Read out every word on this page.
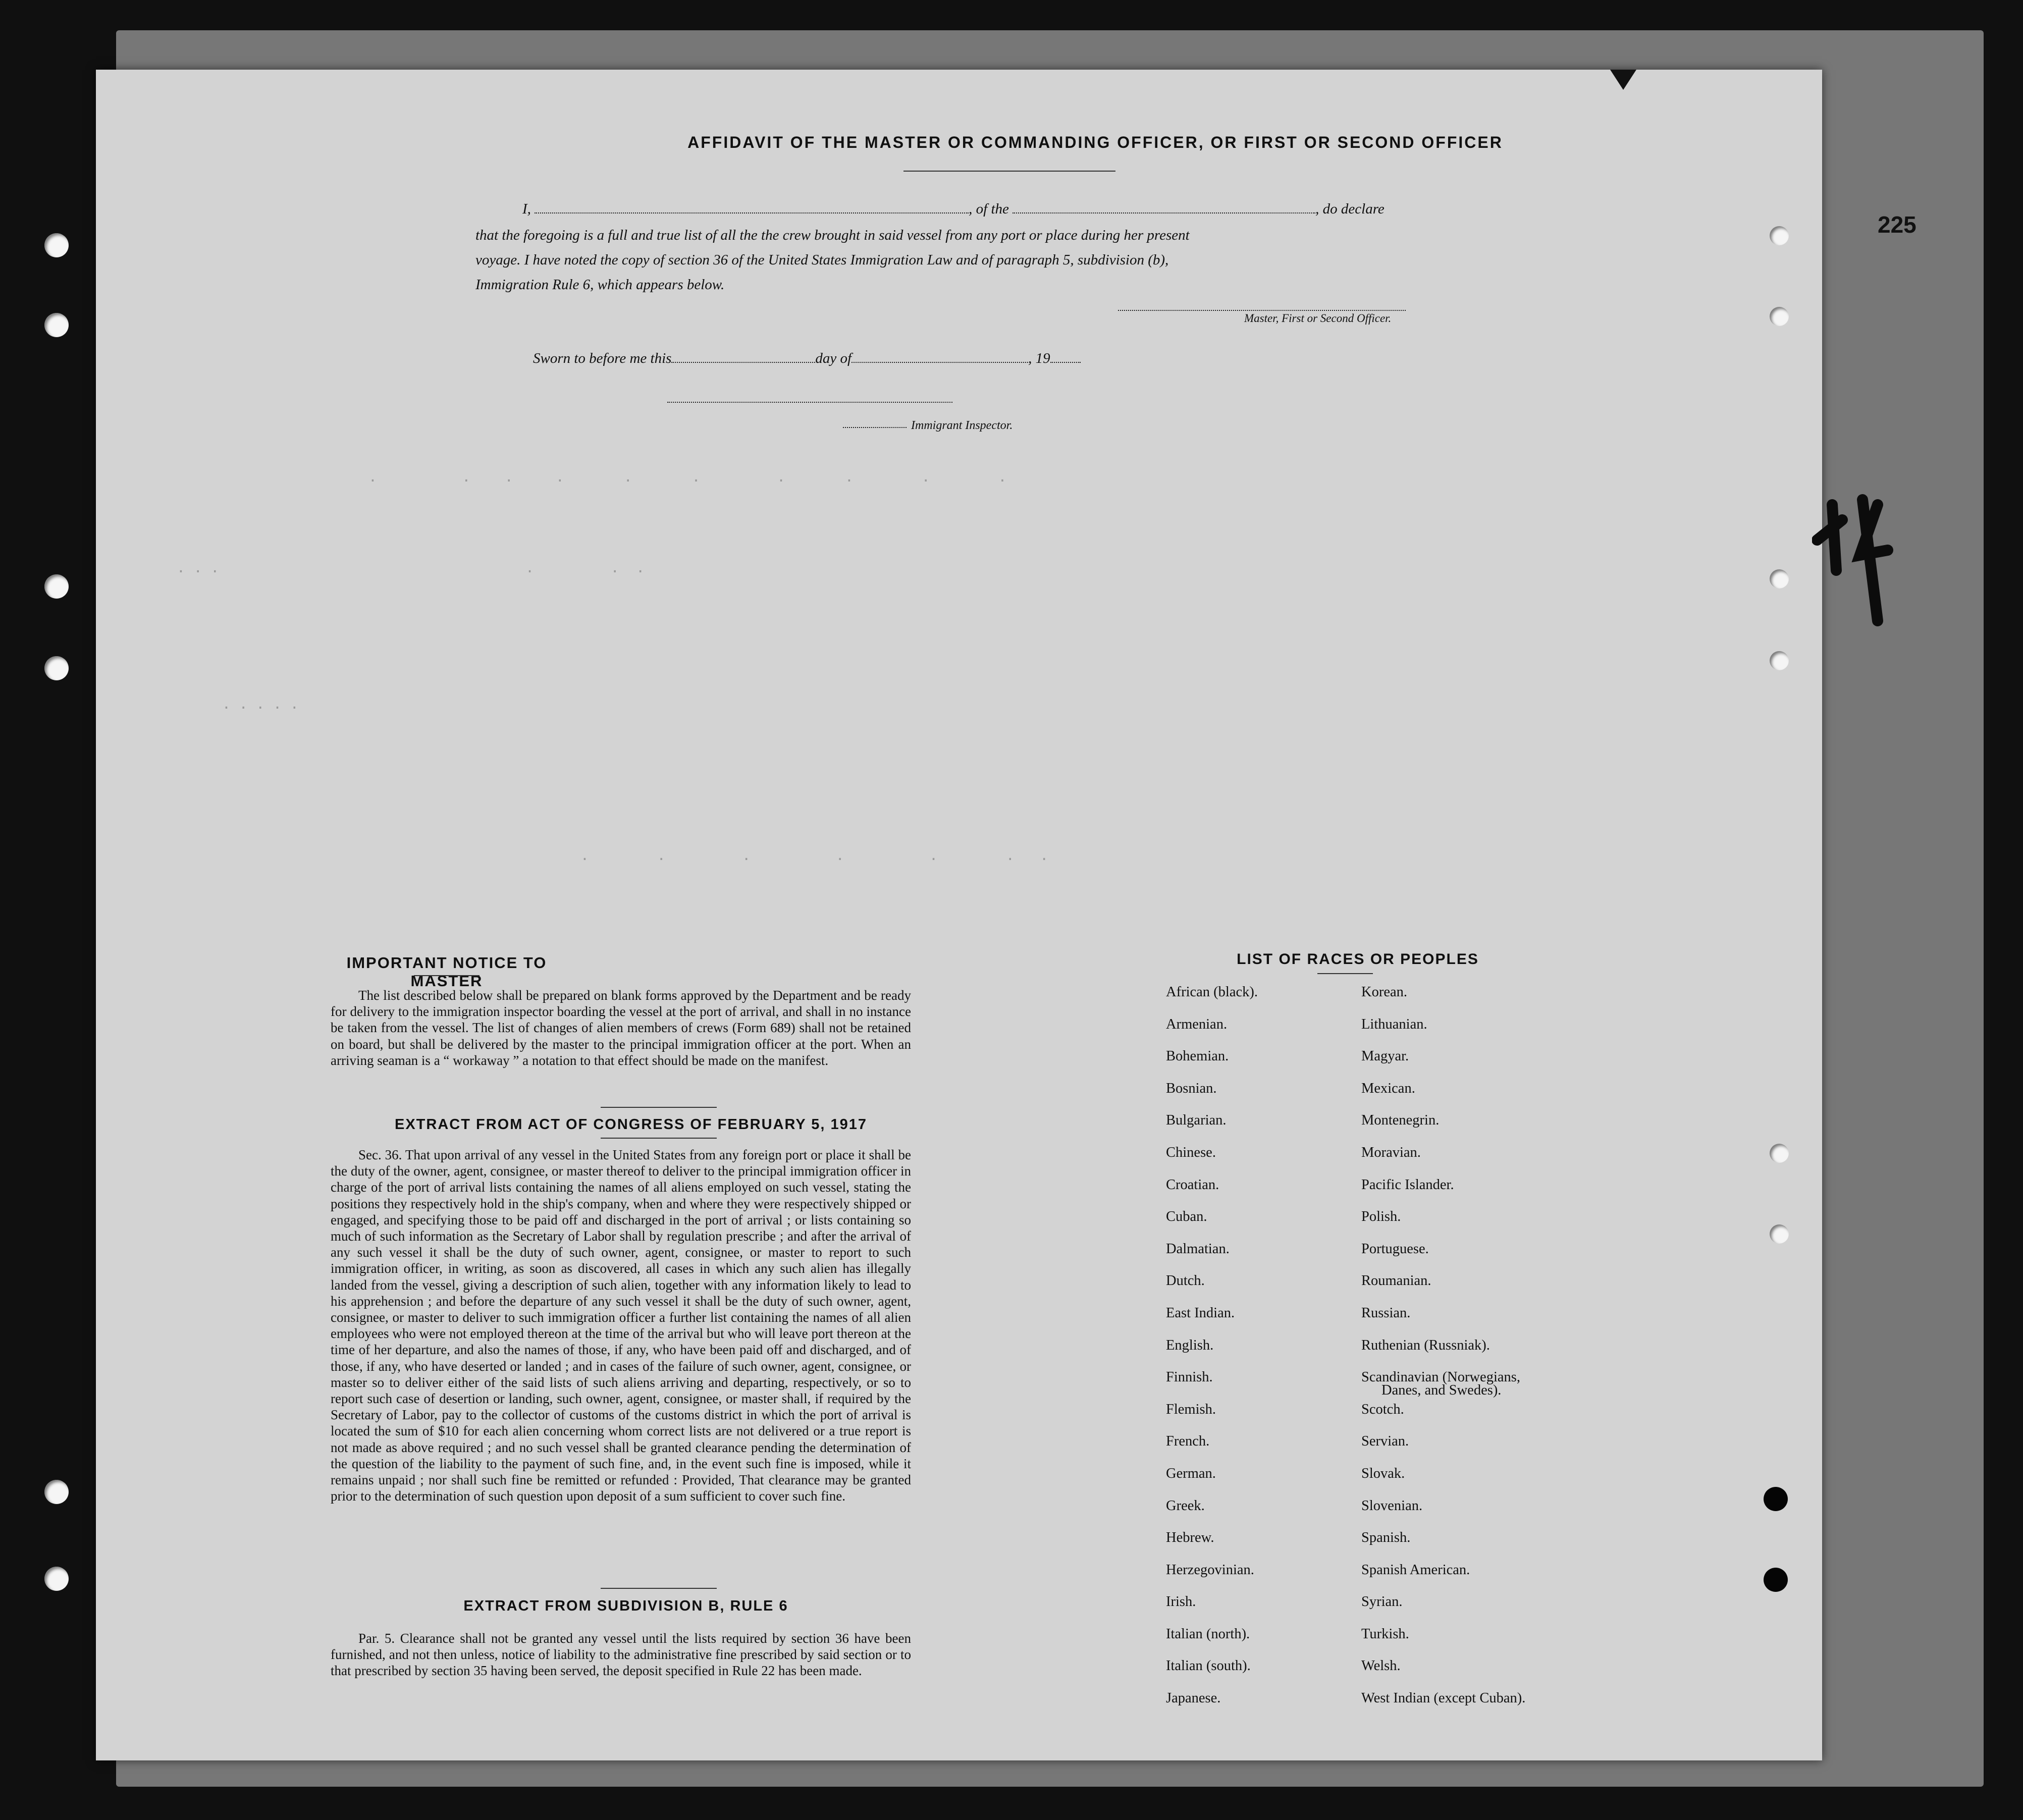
AFFIDAVIT OF THE MASTER OR COMMANDING OFFICER, OR FIRST OR SECOND OFFICER
I,	, of the	, do declare
that the foregoing is a full and true list of all the the crew brought in said vessel from any port or place during her present
voyage. I have noted the copy of section 36 of the United States Immigration Law and of paragraph 5, subdivision (b),
Immigration Rule 6, which appears below.
Master, First or Second Officer.
Sworn to before me this	day of	, 19
Immigrant Inspector.
.          .    .     .       .       .         .       .        .        .
. . .                                    .         .  .
. . . . .
.        .         .          .          .        .   .
IMPORTANT NOTICE TO MASTER

The list described below shall be prepared on blank forms approved by the Department and be ready for delivery to the immigration inspector boarding the vessel at the port of arrival, and shall in no instance be taken from the vessel. The list of changes of alien members of crews (Form 689) shall not be retained on board, but shall be delivered by the master to the principal immigration officer at the port. When an arriving seaman is a “ workaway ” a notation to that effect should be made on the manifest.

EXTRACT FROM ACT OF CONGRESS OF FEBRUARY 5, 1917

Sec. 36. That upon arrival of any vessel in the United States from any foreign port or place it shall be the duty of the owner, agent, consignee, or master thereof to deliver to the principal immigration officer in charge of the port of arrival lists containing the names of all aliens employed on such vessel, stating the positions they respectively hold in the ship's company, when and where they were respectively shipped or engaged, and specifying those to be paid off and discharged in the port of arrival ; or lists containing so much of such information as the Secretary of Labor shall by regulation prescribe ; and after the arrival of any such vessel it shall be the duty of such owner, agent, consignee, or master to report to such immigration officer, in writing, as soon as discovered, all cases in which any such alien has illegally landed from the vessel, giving a description of such alien, together with any information likely to lead to his apprehension ; and before the departure of any such vessel it shall be the duty of such owner, agent, consignee, or master to deliver to such immigration officer a further list containing the names of all alien employees who were not employed thereon at the time of the arrival but who will leave port thereon at the time of her departure, and also the names of those, if any, who have been paid off and discharged, and of those, if any, who have deserted or landed ; and in cases of the failure of such owner, agent, consignee, or master so to deliver either of the said lists of such aliens arriving and departing, respectively, or so to report such case of desertion or landing, such owner, agent, consignee, or master shall, if required by the Secretary of Labor, pay to the collector of customs of the customs district in which the port of arrival is located the sum of $10 for each alien concerning whom correct lists are not delivered or a true report is not made as above required ; and no such vessel shall be granted clearance pending the determination of the question of the liability to the payment of such fine, and, in the event such fine is imposed, while it remains unpaid ; nor shall such fine be remitted or refunded : Provided, That clearance may be granted prior to the determination of such question upon deposit of a sum sufficient to cover such fine.

EXTRACT FROM SUBDIVISION B, RULE 6

Par. 5. Clearance shall not be granted any vessel until the lists required by section 36 have been furnished, and not then unless, notice of liability to the administrative fine prescribed by said section or to that prescribed by section 35 having been served, the deposit specified in Rule 22 has been made.

LIST OF RACES OR PEOPLES
African (black).
Armenian.
Bohemian.
Bosnian.
Bulgarian.
Chinese.
Croatian.
Cuban.
Dalmatian.
Dutch.
East Indian.
English.
Finnish.
Flemish.
French.
German.
Greek.
Hebrew.
Herzegovinian.
Irish.
Italian (north).
Italian (south).
Japanese.
Korean.
Lithuanian.
Magyar.
Mexican.
Montenegrin.
Moravian.
Pacific Islander.
Polish.
Portuguese.
Roumanian.
Russian.
Ruthenian (Russniak).
Scandinavian (Norwegians,
Danes, and Swedes).
Scotch.
Servian.
Slovak.
Slovenian.
Spanish.
Spanish American.
Syrian.
Turkish.
Welsh.
West Indian (except Cuban).
225
